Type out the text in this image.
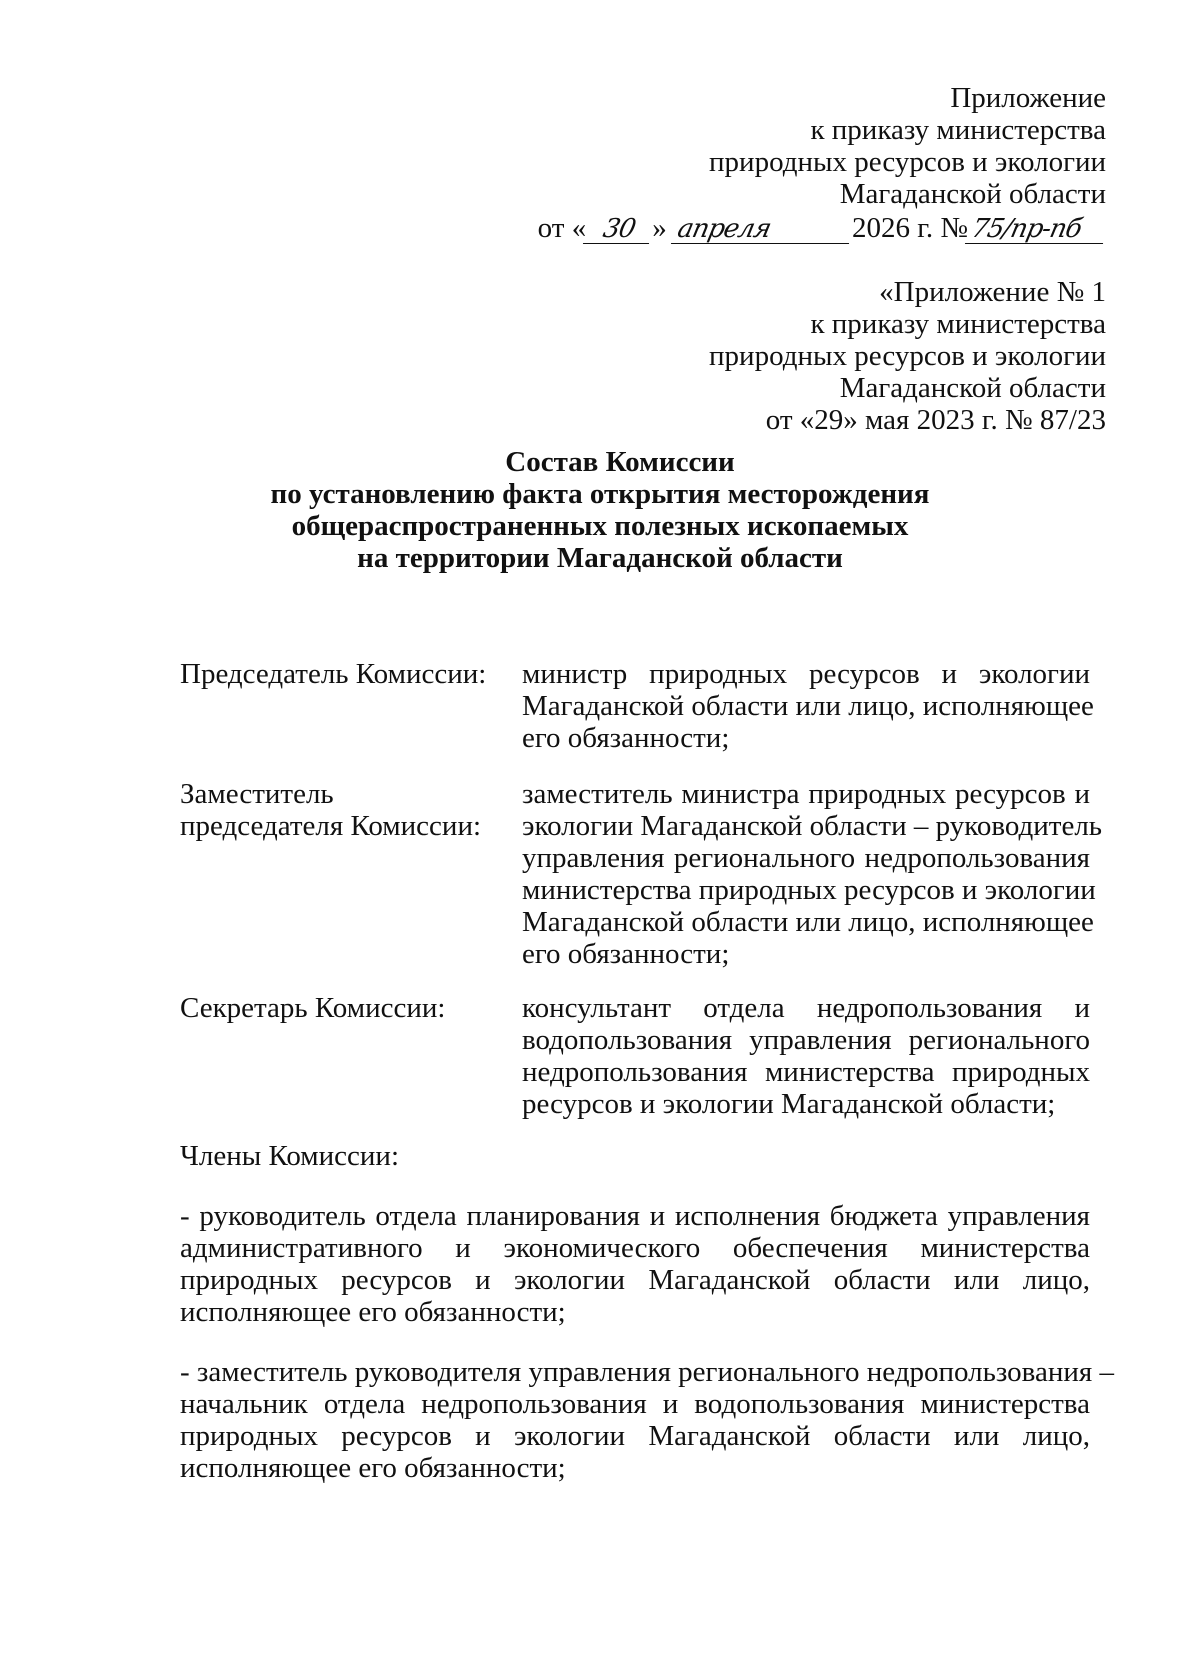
Приложение
к приказу министерства
природных ресурсов и экологии
Магаданской области
от « 30 » апреля	2026 г. №75/пр-пб
«Приложение № 1
к приказу министерства
природных ресурсов и экологии
Магаданской области
от «29» мая 2023 г. № 87/23
Состав Комиссии
по установлению факта открытия месторождения
общераспространенных полезных ископаемых
на территории Магаданской области
Председатель Комиссии:	министр природных ресурсов и экологии
Магаданской области или лицо, исполняющее
его обязанности;
Заместитель председателя Комиссии:
заместитель министра природных ресурсов и
экологии Магаданской области – руководитель
управления регионального недропользования
министерства природных ресурсов и экологии
Магаданской области или лицо, исполняющее
его обязанности;
Секретарь Комиссии:	консультант отдела недропользования и
водопользования управления регионального
недропользования министерства природных
ресурсов и экологии Магаданской области;
Члены Комиссии:
- руководитель отдела планирования и исполнения бюджета управления
административного и экономического обеспечения министерства
природных ресурсов и экологии Магаданской области или лицо,
исполняющее его обязанности;
- заместитель руководителя управления регионального недропользования –
начальник отдела недропользования и водопользования министерства
природных ресурсов и экологии Магаданской области или лицо,
исполняющее его обязанности;
